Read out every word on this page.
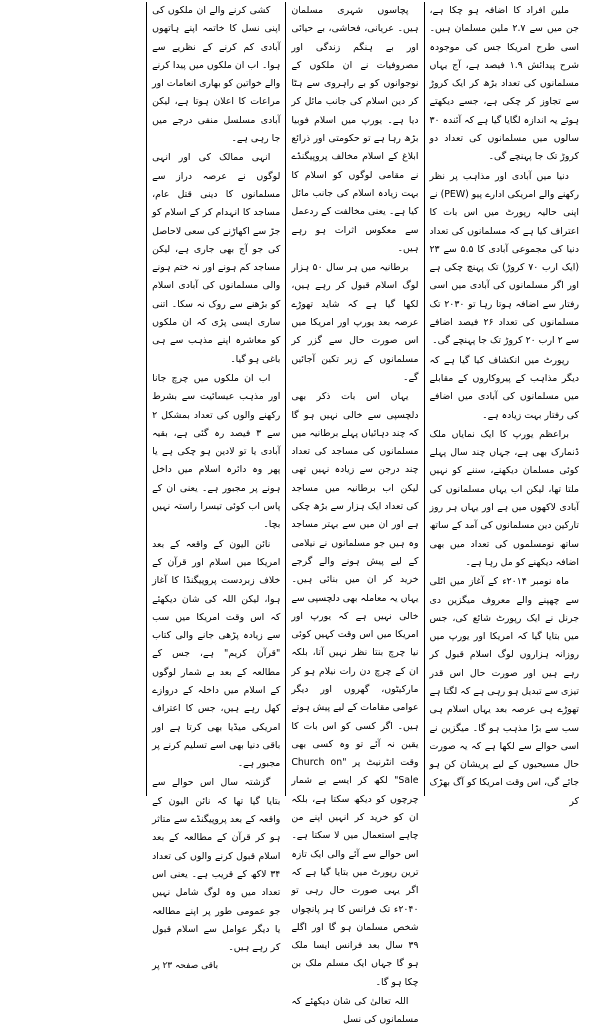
ملین افراد کا اضافہ ہو چکا ہے، جن میں سے ۲.۷ ملین مسلمان ہیں۔ اسی طرح امریکا جس کی موجودہ شرح پیدائش ۱.۹ فیصد ہے، آج یہاں مسلمانوں کی تعداد بڑھ کر ایک کروڑ سے تجاوز کر چکی ہے، جسے دیکھتے ہوئے یہ اندازہ لگایا گیا ہے کہ آئندہ ۳۰ سالوں میں مسلمانوں کی تعداد دو کروڑ تک جا پہنچے گی۔

دنیا میں آبادی اور مذاہب پر نظر رکھنے والے امریکی ادارے پیو (PEW) نے اپنی حالیہ رپورٹ میں اس بات کا اعتراف کیا ہے کہ مسلمانوں کی تعداد دنیا کی مجموعی آبادی کا ۵.۵ سے ۲۳ (ایک ارب ۷۰ کروڑ) تک پہنچ چکی ہے اور اگر مسلمانوں کی آبادی میں اسی رفتار سے اضافہ ہوتا رہا تو ۲۰۳۰ تک مسلمانوں کی تعداد ۲۶ فیصد اضافے سے ۲ ارب ۲۰ کروڑ تک جا پہنچے گی۔

رپورٹ میں انکشاف کیا گیا ہے کہ دیگر مذاہب کے پیروکاروں کے مقابلے میں مسلمانوں کی آبادی میں اضافے کی رفتار بہت زیادہ ہے۔

براعظم یورپ کا ایک نمایاں ملک ڈنمارک بھی ہے، جہاں چند سال پہلے کوئی مسلمان دیکھنے، سننے کو نہیں ملتا تھا، لیکن اب یہاں مسلمانوں کی آبادی لاکھوں میں ہے اور یہاں ہر روز تارکین دین مسلمانوں کی آمد کے ساتھ ساتھ نومسلموں کی تعداد میں بھی اضافہ دیکھنے کو مل رہا ہے۔

ماہ نومبر ۲۰۱۴ء کے آغاز میں اٹلی سے چھپنے والے معروف میگزین دی جرنل نے ایک رپورٹ شائع کی، جس میں بتایا گیا کہ امریکا اور یورپ میں روزانہ ہزاروں لوگ اسلام قبول کر رہے ہیں اور صورت حال اس قدر تیزی سے تبدیل ہو رہی ہے کہ لگتا ہے تھوڑے ہی عرصہ بعد یہاں اسلام ہی سب سے بڑا مذہب ہو گا۔ میگزین نے اسی حوالے سے لکھا ہے کہ یہ صورت حال مسیحیوں کے لیے پریشان کن ہو جائے گی، اس وقت امریکا کو آگ بھڑک کر

پچاسوں شہری مسلمان ہیں۔ عریانی، فحاشی، بے حیائی اور بے ہنگم زندگی اور مصروفیات نے ان ملکوں کے نوجوانوں کو بے راہروی سے ہٹا کر دین اسلام کی جانب مائل کر دیا ہے۔ یورپ میں اسلام فوبیا بڑھ رہا ہے تو حکومتی اور ذرائع ابلاغ کے اسلام مخالف پروپیگنڈے نے مقامی لوگوں کو اسلام کا بہت زیادہ اسلام کی جانب مائل کیا ہے۔ یعنی مخالفت کے ردعمل سے معکوس اثرات ہو رہے ہیں۔

برطانیہ میں ہر سال ۵۰ ہزار لوگ اسلام قبول کر رہے ہیں، لکھا گیا ہے کہ شاید تھوڑے عرصہ بعد یورپ اور امریکا میں اس صورت حال سے گزر کر مسلمانوں کے زیر تکین آجائیں گے۔

یہاں اس بات ذکر بھی دلچسپی سے خالی نہیں ہو گا کہ چند دہائیاں پہلے برطانیہ میں مسلمانوں کی مساجد کی تعداد چند درجن سے زیادہ نہیں تھی لیکن اب برطانیہ میں مساجد کی تعداد ایک ہزار سے بڑھ چکی ہے اور ان میں سے بہتر مساجد وہ ہیں جو مسلمانوں نے نیلامی کے لیے پیش ہونے والے گرجے خرید کر ان میں بنائی ہیں۔ یہاں یہ معاملہ بھی دلچسپی سے خالی نہیں ہے کہ یورپ اور امریکا میں اس وقت کہیں کوئی نیا چرچ بنتا نظر نہیں آتا، بلکہ ان کے چرچ دن رات نیلام ہو کر مارکیٹوں، گھروں اور دیگر عوامی مقامات کے لیے پیش ہوتے ہیں۔ اگر کسی کو اس بات کا یقین نہ آئے تو وہ کسی بھی وقت انٹرنیٹ پر "Church on Sale" لکھ کر ایسے بے شمار چرچوں کو دیکھ سکتا ہے، بلکہ ان کو خرید کر انہیں اپنے من چاہے استعمال میں لا سکتا ہے۔ اس حوالے سے آئے والی ایک تازہ ترین رپورٹ میں بتایا گیا ہے کہ اگر یہی صورت حال رہی تو ۲۰۴۰ء تک فرانس کا ہر پانچواں شخص مسلمان ہو گا اور اگلے ۳۹ سال بعد فرانس ایسا ملک ہو گا جہاں ایک مسلم ملک بن چکا ہو گا۔

اللہ تعالیٰ کی شان دیکھئے کہ مسلمانوں کی نسل

کشی کرنے والے ان ملکوں کی اپنی نسل کا خاتمہ اپنے ہاتھوں آبادی کم کرنے کے نظریے سے ہوا۔ اب ان ملکوں میں پیدا کرنے والے خواتین کو بھاری انعامات اور مراعات کا اعلان ہوتا ہے، لیکن آبادی مسلسل منفی درجے میں جا رہی ہے۔

انہی ممالک کی اور انہی لوگوں نے عرصہ دراز سے مسلمانوں کا دینی قتل عام، مساجد کا انہدام کر کے اسلام کو جڑ سے اکھاڑنے کی سعی لاحاصل کی جو آج بھی جاری ہے، لیکن مساجد کم ہونے اور نہ ختم ہونے والی مسلمانوں کی آبادی اسلام کو بڑھنے سے روک نہ سکا۔ اتنی ساری ایسی پڑی کہ ان ملکوں کو معاشرہ اپنے مذہب سے ہی باغی ہو گیا۔

اب ان ملکوں میں چرچ جانا اور مذہب عیسائیت سے بشرط رکھنے والوں کی تعداد بمشکل ۲ سے ۳ فیصد رہ گئی ہے، بقیہ آبادی یا تو لادین ہو چکی ہے یا پھر وہ دائرہ اسلام میں داخل ہونے پر مجبور ہے۔ یعنی ان کے پاس اب کوئی تیسرا راستہ نہیں بچا۔

نائن الیون کے واقعہ کے بعد امریکا میں اسلام اور قرآن کے خلاف زبردست پروپیگنڈا کا آغاز ہوا، لیکن اللہ کی شان دیکھئے کہ اس وقت امریکا میں سب سے زیادہ پڑھی جانے والی کتاب "قرآن کریم" ہے، جس کے مطالعہ کے بعد بے شمار لوگوں کے اسلام میں داخلہ کے دروازے کھل رہے ہیں، جس کا اعتراف امریکی میڈیا بھی کرتا ہے اور باقی دنیا بھی اسے تسلیم کرنے پر مجبور ہے۔

گزشتہ سال اس حوالے سے بتایا گیا تھا کہ نائن الیون کے واقعہ کے بعد پروپیگنڈے سے متاثر ہو کر قرآن کے مطالعہ کے بعد اسلام قبول کرنے والوں کی تعداد ۳۴ لاکھ کے قریب ہے۔ یعنی اس تعداد میں وہ لوگ شامل نہیں جو عمومی طور پر اپنے مطالعہ یا دیگر عوامل سے اسلام قبول کر رہے ہیں۔

باقی صفحہ ۲۳ پر
